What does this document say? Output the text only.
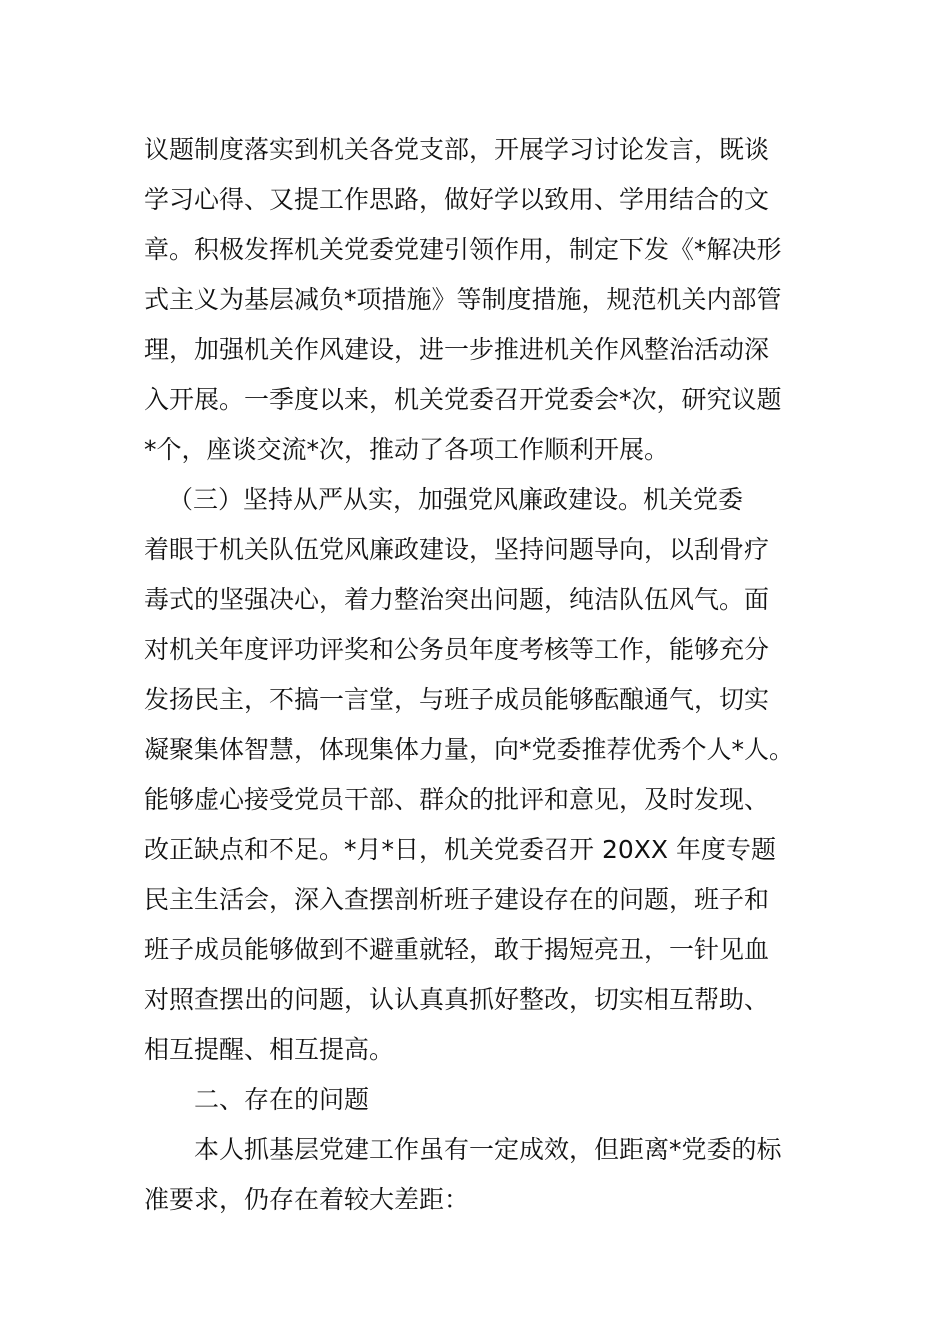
议题制度落实到机关各党支部，开展学习讨论发言，既谈

学习心得、又提工作思路，做好学以致用、学用结合的文

章。积极发挥机关党委党建引领作用，制定下发《*解决形

式主义为基层减负*项措施》等制度措施，规范机关内部管

理，加强机关作风建设，进一步推进机关作风整治活动深

入开展。一季度以来，机关党委召开党委会*次，研究议题

*个，座谈交流*次，推动了各项工作顺利开展。

（三）坚持从严从实，加强党风廉政建设。机关党委

着眼于机关队伍党风廉政建设，坚持问题导向，以刮骨疗

毒式的坚强决心，着力整治突出问题，纯洁队伍风气。面

对机关年度评功评奖和公务员年度考核等工作，能够充分

发扬民主，不搞一言堂，与班子成员能够酝酿通气，切实

凝聚集体智慧，体现集体力量，向*党委推荐优秀个人*人。

能够虚心接受党员干部、群众的批评和意见，及时发现、

改正缺点和不足。*月*日，机关党委召开 20XX 年度专题

民主生活会，深入查摆剖析班子建设存在的问题，班子和

班子成员能够做到不避重就轻，敢于揭短亮丑，一针见血

对照查摆出的问题，认认真真抓好整改，切实相互帮助、

相互提醒、相互提高。

二、存在的问题

本人抓基层党建工作虽有一定成效，但距离*党委的标

准要求，仍存在着较大差距：
